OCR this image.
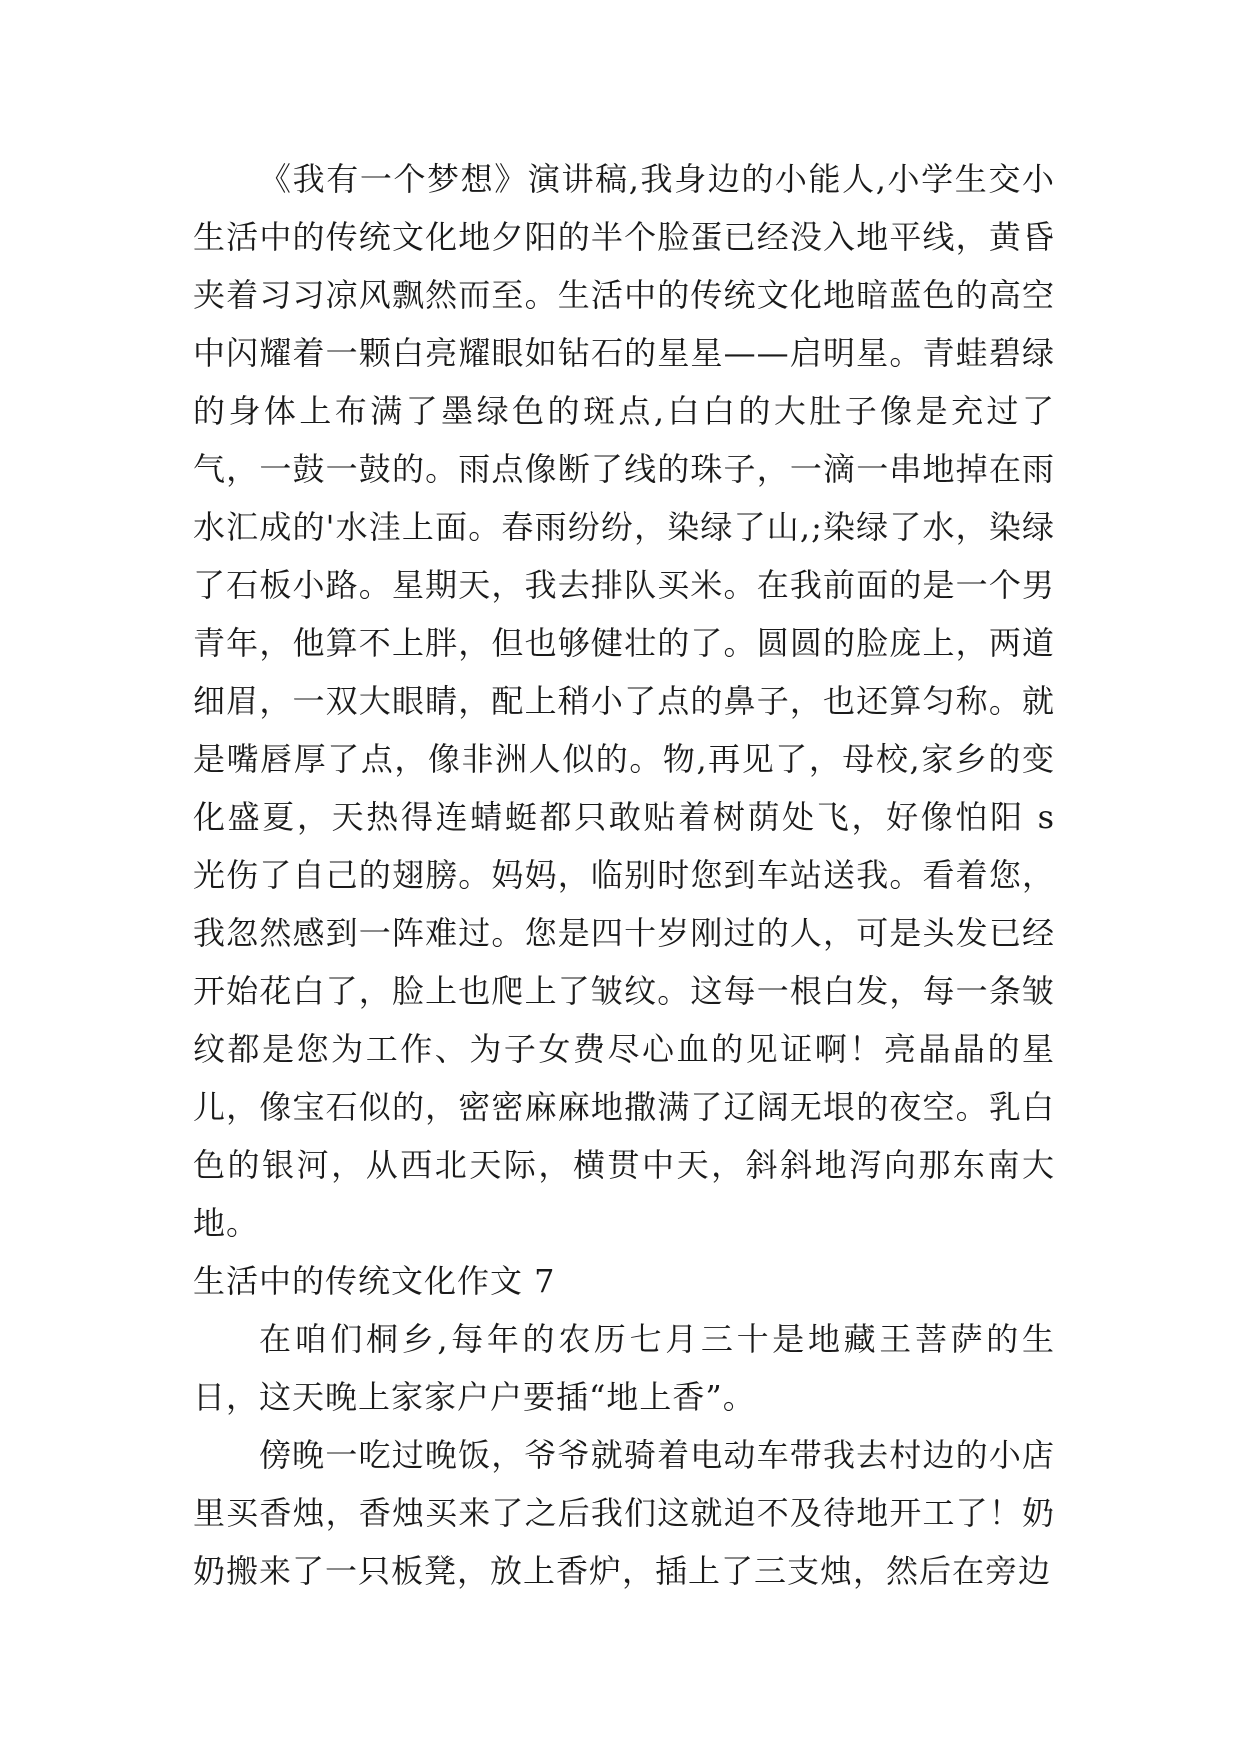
《我有一个梦想》演讲稿,我身边的小能人,小学生交小生活中的传统文化地夕阳的半个脸蛋已经没入地平线，黄昏夹着习习凉风飘然而至。生活中的传统文化地暗蓝色的高空中闪耀着一颗白亮耀眼如钻石的星星——启明星。青蛙碧绿的身体上布满了墨绿色的斑点,白白的大肚子像是充过了气，一鼓一鼓的。雨点像断了线的珠子，一滴一串地掉在雨水汇成的'水洼上面。春雨纷纷，染绿了山,;染绿了水，染绿了石板小路。星期天，我去排队买米。在我前面的是一个男青年，他算不上胖，但也够健壮的了。圆圆的脸庞上，两道细眉，一双大眼睛，配上稍小了点的鼻子，也还算匀称。就是嘴唇厚了点，像非洲人似的。物,再见了，母校,家乡的变化盛夏，天热得连蜻蜓都只敢贴着树荫处飞，好像怕阳 s 光伤了自己的翅膀。妈妈，临别时您到车站送我。看着您，我忽然感到一阵难过。您是四十岁刚过的人，可是头发已经开始花白了，脸上也爬上了皱纹。这每一根白发，每一条皱纹都是您为工作、为子女费尽心血的见证啊！亮晶晶的星儿，像宝石似的，密密麻麻地撒满了辽阔无垠的夜空。乳白色的银河，从西北天际，横贯中天，斜斜地泻向那东南大地。

生活中的传统文化作文 7

在咱们桐乡,每年的农历七月三十是地藏王菩萨的生日，这天晚上家家户户要插“地上香”。

傍晚一吃过晚饭，爷爷就骑着电动车带我去村边的小店里买香烛，香烛买来了之后我们这就迫不及待地开工了！奶奶搬来了一只板凳，放上香炉，插上了三支烛，然后在旁边
